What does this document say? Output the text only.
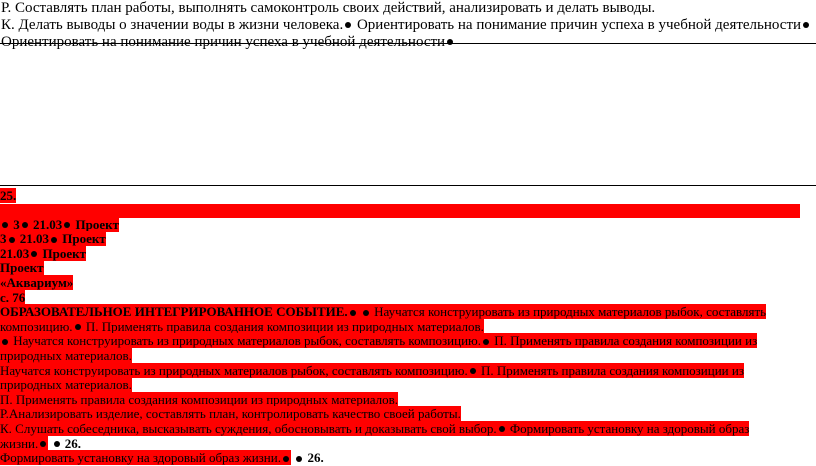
Р. Составлять план работы, выполнять самоконтроль своих действий, анализировать и делать выводы.
К. Делать выводы о значении воды в жизни человека. Ориентировать на понимание причин успеха в учебной деятельности
Ориентировать на понимание причин успеха в учебной деятельности
25.
3 21.03 Проект
3 21.03 Проект
21.03 Проект
Проект
«Аквариум»
с. 76
ОБРАЗОВАТЕЛЬНОЕ ИНТЕГРИРОВАННОЕ СОБЫТИЕ.  Научатся конструировать из природных материалов рыбок, составлять
композицию. П. Применять правила создания композиции из природных материалов.
Научатся конструировать из природных материалов рыбок, составлять композицию. П. Применять правила создания композиции из
природных материалов.
Научатся конструировать из природных материалов рыбок, составлять композицию. П. Применять правила создания композиции из
природных материалов.
П. Применять правила создания композиции из природных материалов.
Р.Анализировать изделие, составлять план, контролировать качество своей работы.
К. Слушать собеседника, высказывать суждения, обосновывать и доказывать свой выбор. Формировать установку на здоровый образ
жизни. 26.
Формировать установку на здоровый образ жизни. 26.
